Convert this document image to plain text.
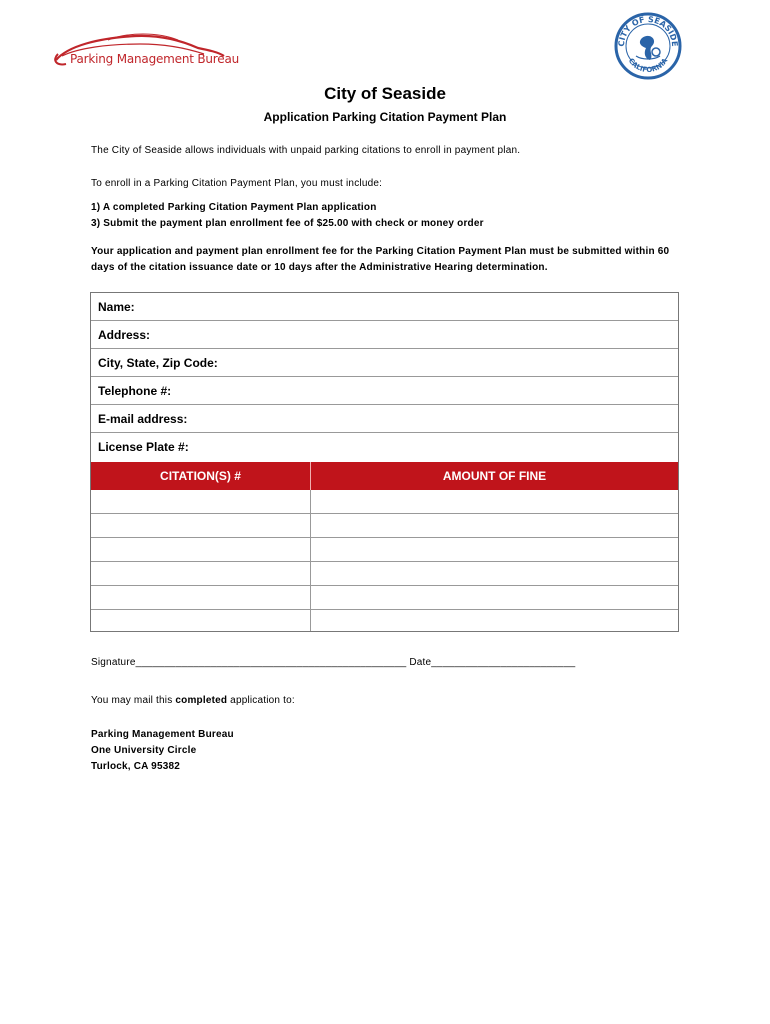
Parking Management Bureau
CITY OF SEASIDE
CALIFORNIA
City of Seaside
Application Parking Citation Payment Plan
The City of Seaside allows individuals with unpaid parking citations to enroll in payment plan.
To enroll in a Parking Citation Payment Plan, you must include:
1) A completed Parking Citation Payment Plan application
3) Submit the payment plan enrollment fee of $25.00 with check or money order
Your application and payment plan enrollment fee for the Parking Citation Payment Plan must be submitted within 60 days of the citation issuance date or 10 days after the Administrative Hearing determination.
Name:
Address:
City, State, Zip Code:
Telephone #:
E-mail address:
License Plate #:
CITATION(S) #	AMOUNT OF FINE
Signature_______________________________________________ Date_________________________
You may mail this completed application to:
Parking Management Bureau
One University Circle
Turlock, CA 95382
